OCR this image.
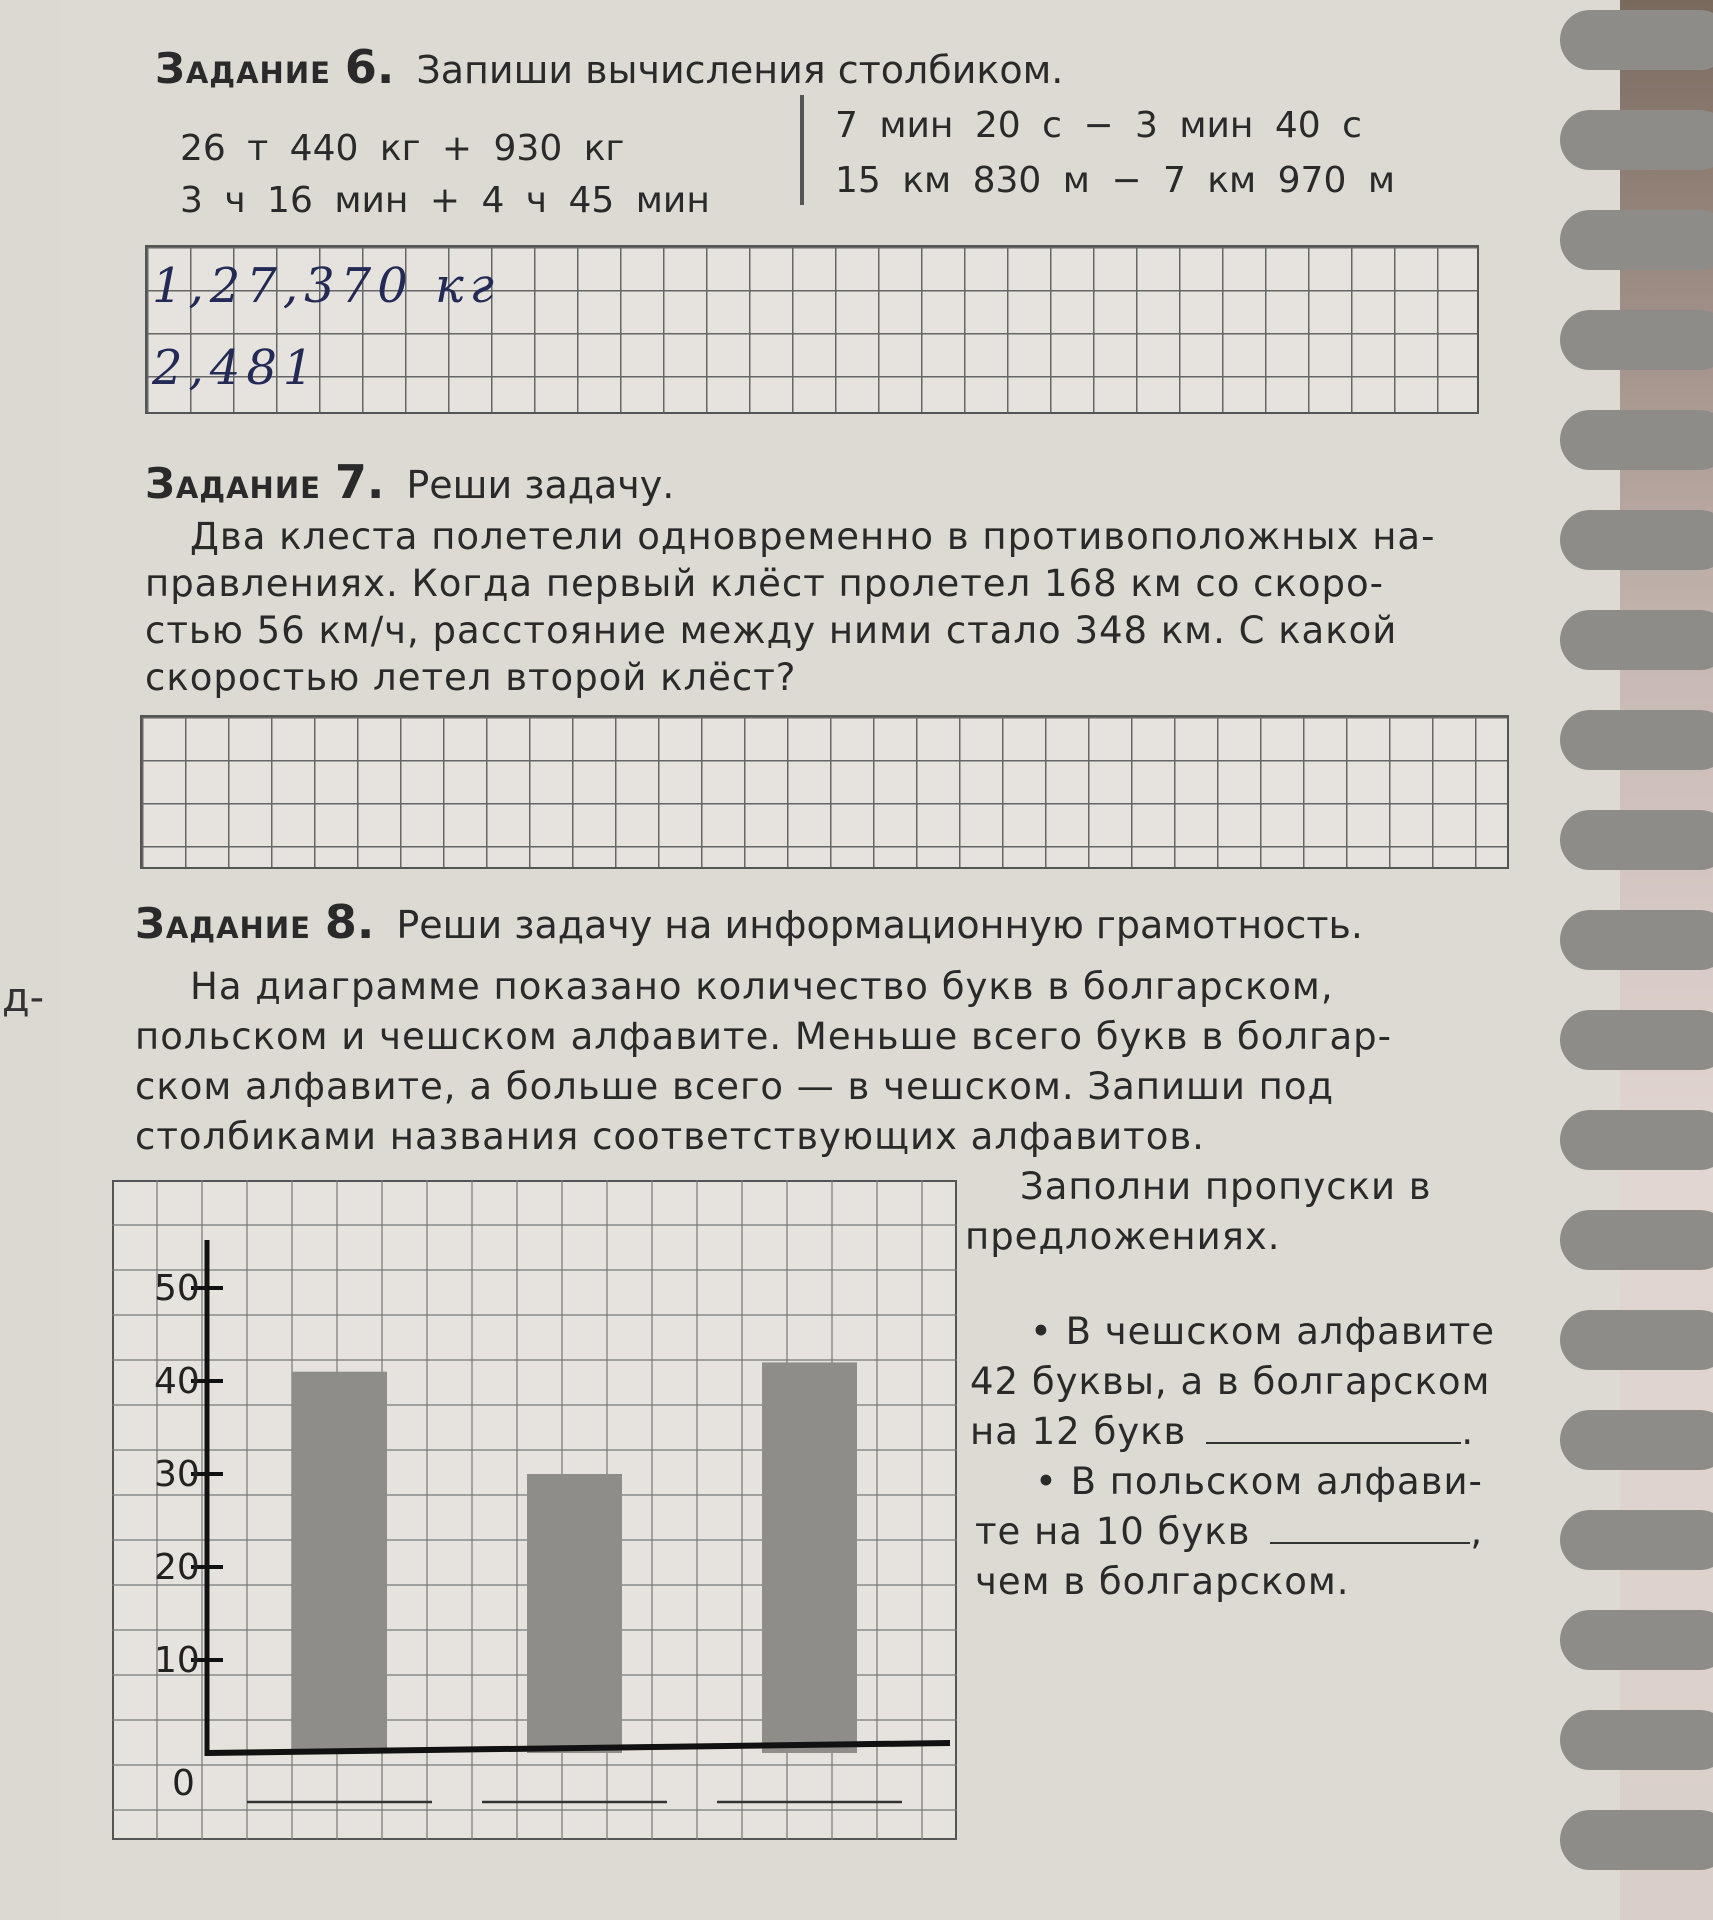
д-
Задание 6. Запиши вычисления столбиком.
26 т 440 кг + 930 кг
3 ч 16 мин + 4 ч 45 мин
7 мин 20 с − 3 мин 40 с
15 км 830 м − 7 км 970 м
1,27,370 кг
2,481
Задание 7. Реши задачу.
Два клеста полетели одновременно в противоположных на-
правлениях. Когда первый клёст пролетел 168 км со скоро-
стью 56 км/ч, расстояние между ними стало 348 км. С какой
скоростью летел второй клёст?
Задание 8. Реши задачу на информационную грамотность.
На диаграмме показано количество букв в болгарском,
польском и чешском алфавите. Меньше всего букв в болгар-
ском алфавите, а больше всего — в чешском. Запиши под
столбиками названия соответствующих алфавитов.
0
10
20
30
40
50
Заполни пропуски в
предложениях.
• В чешском алфавите
42 буквы, а в болгарском
на 12 букв	.
• В польском алфави-
те на 10 букв	,
чем в болгарском.
